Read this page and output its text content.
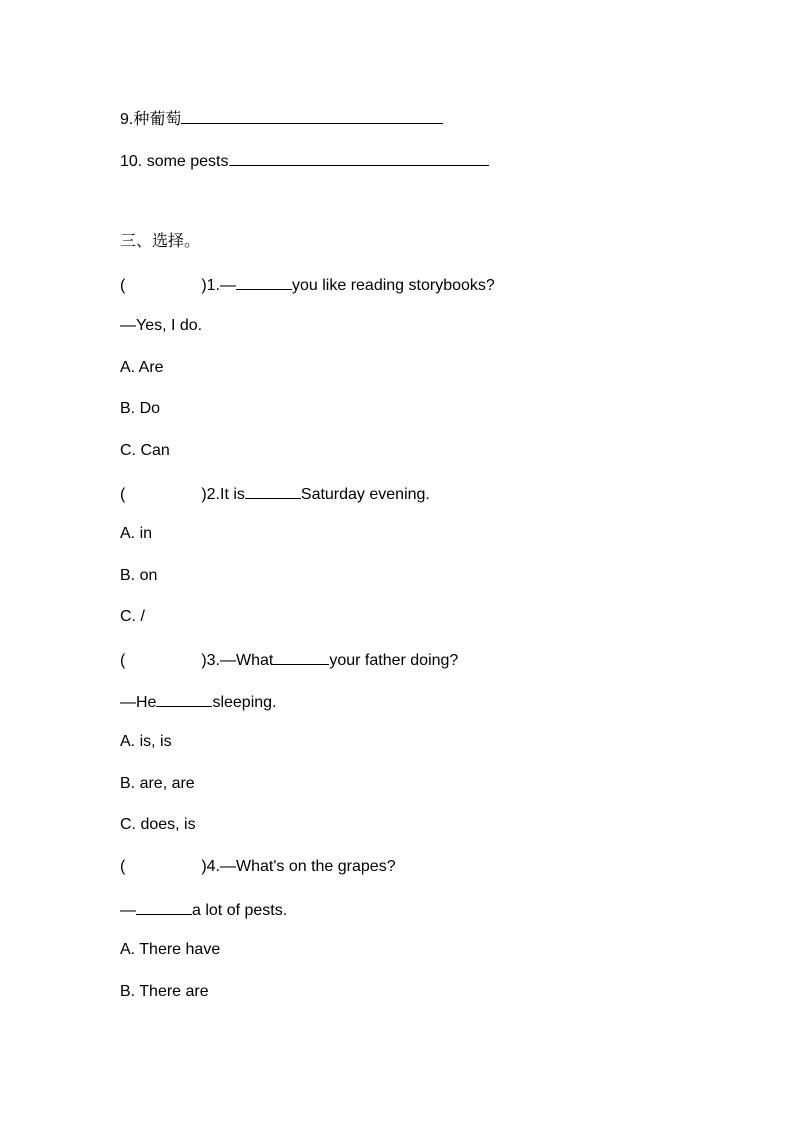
9.种葡萄
10. some pests
三、选择。
(	)1.—	you like reading storybooks?
—Yes, I do.
A. Are
B. Do
C. Can
(	)2.It is	Saturday evening.
A. in
B. on
C. /
(	)3.—What	your father doing?
—He	sleeping.
A. is, is
B. are, are
C. does, is
(	)4.—What's on the grapes?
—	a lot of pests.
A. There have
B. There are
